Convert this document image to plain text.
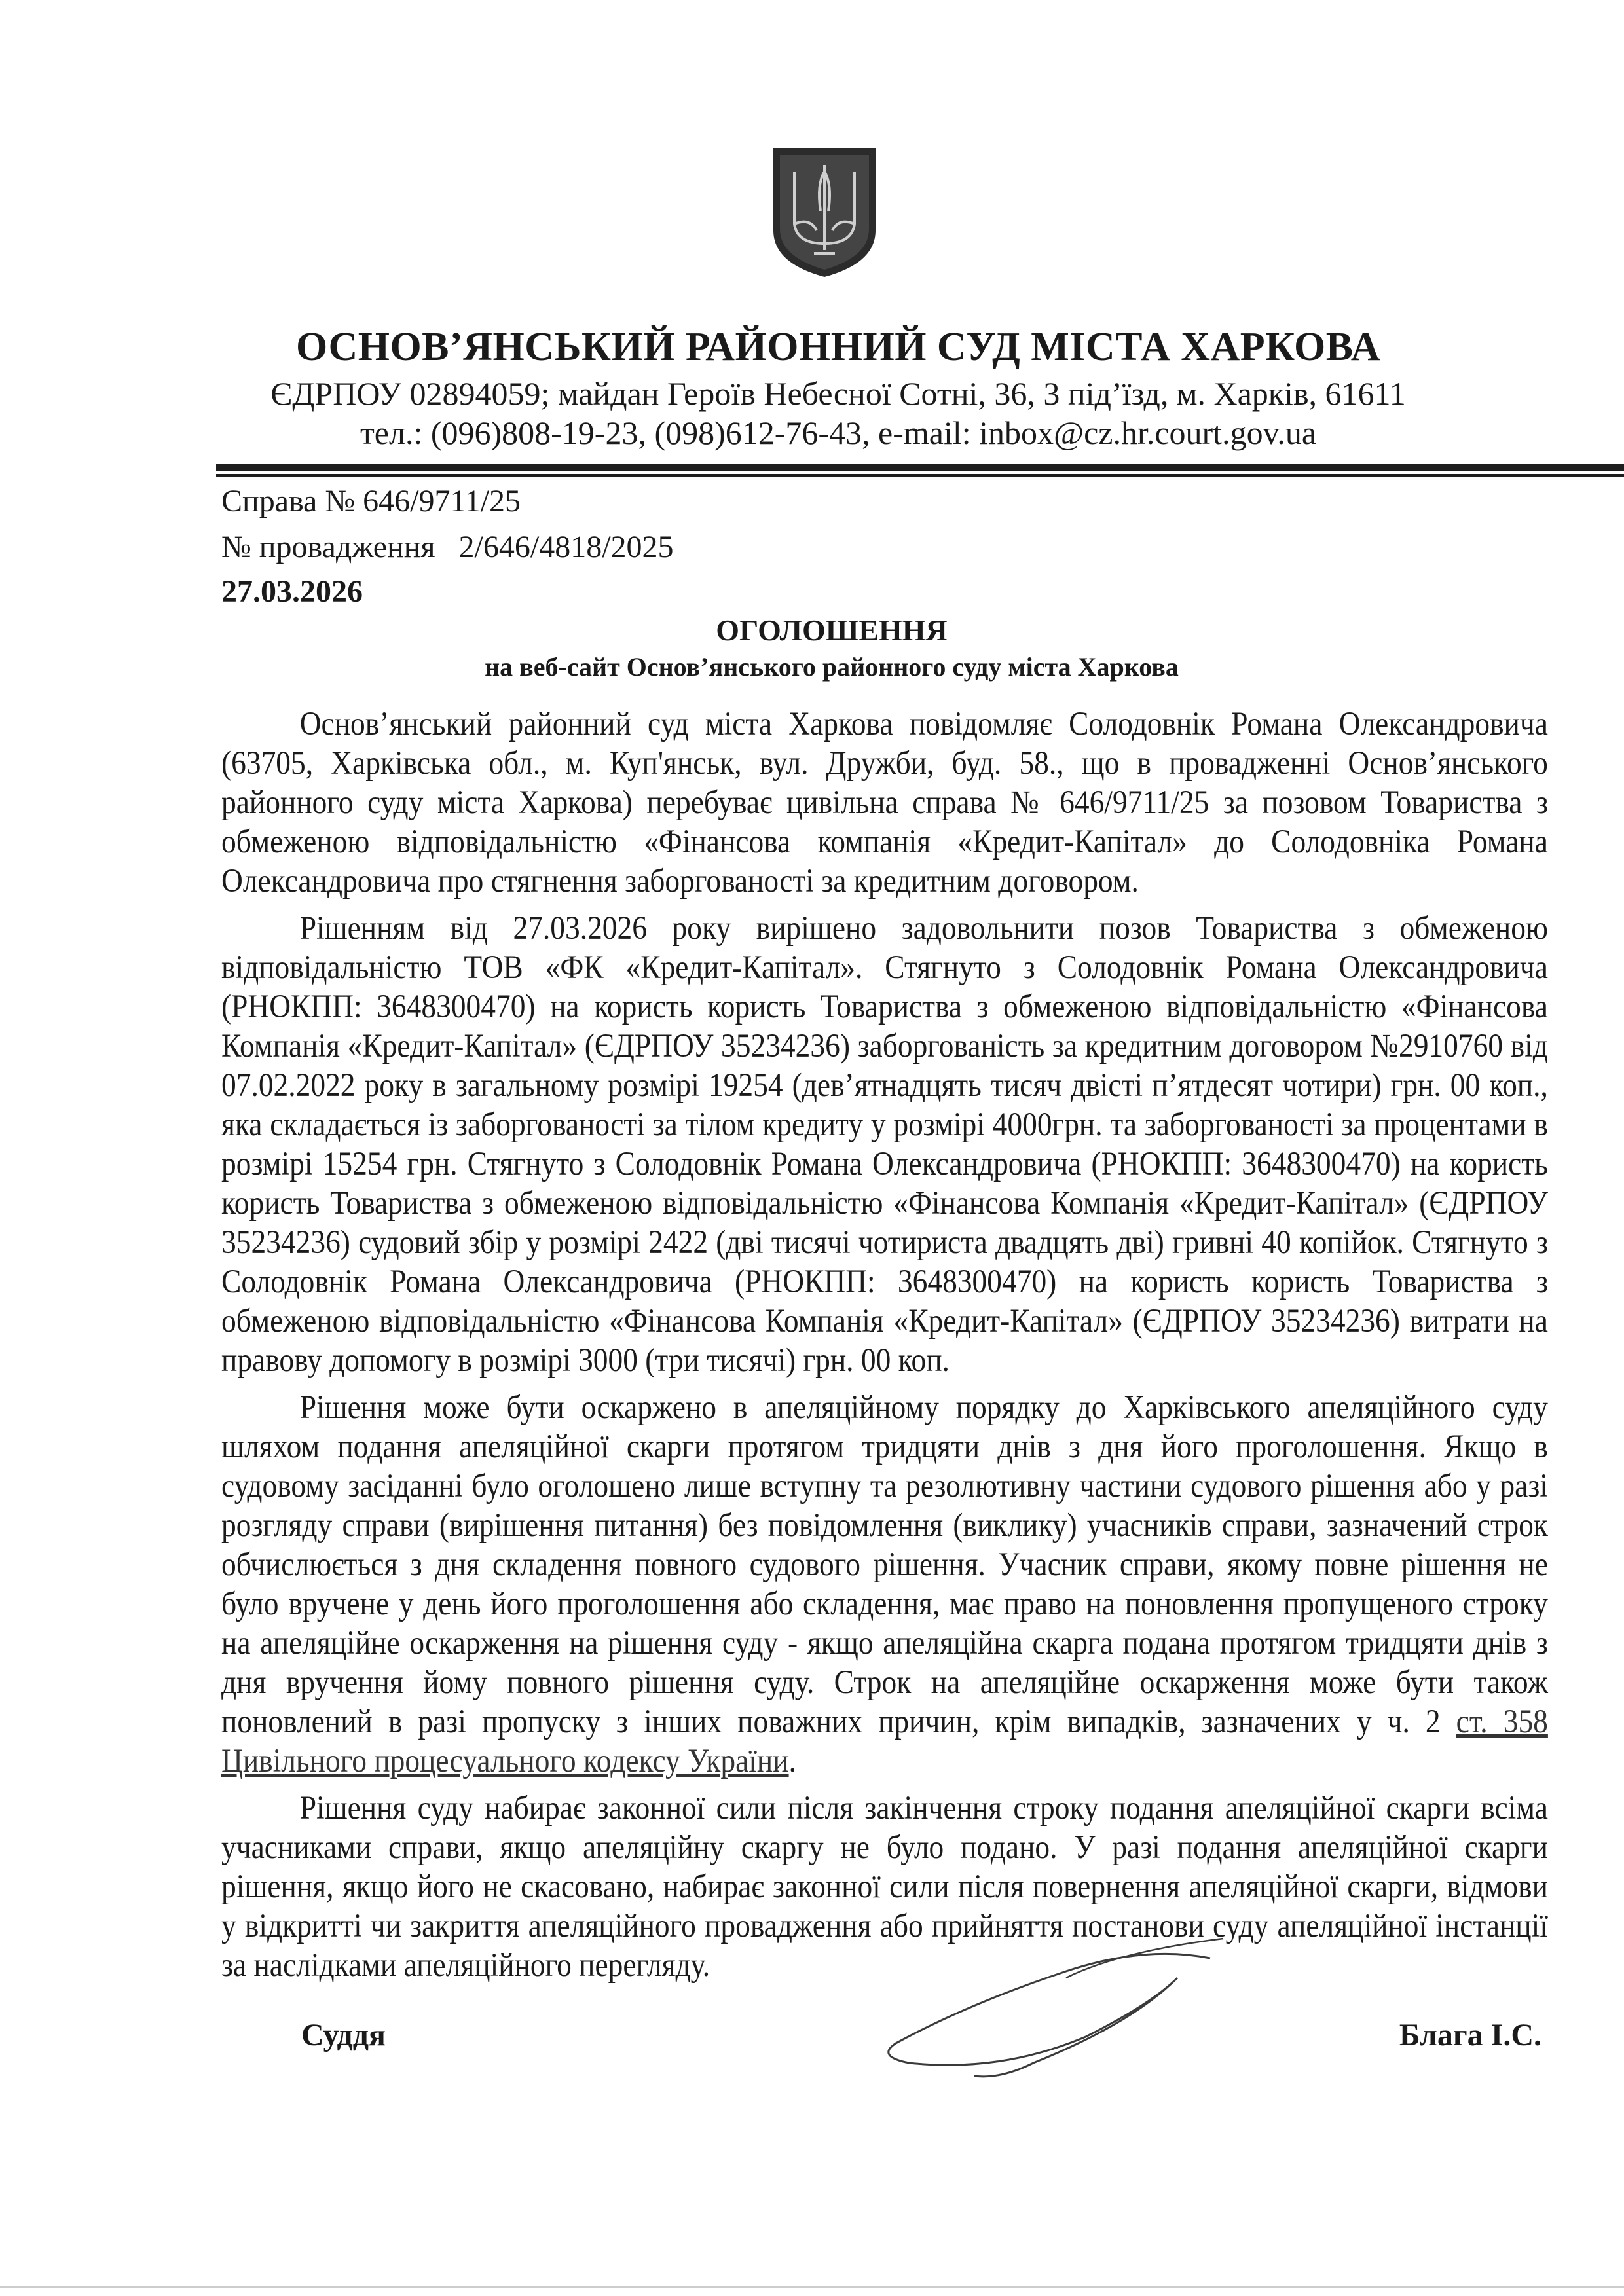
ОСНОВ’ЯНСЬКИЙ РАЙОННИЙ СУД МІСТА ХАРКОВА
ЄДРПОУ 02894059; майдан Героїв Небесної Сотні, 36, 3 під’їзд, м. Харків, 61611
тел.: (096)808-19-23, (098)612-76-43, e-mail: inbox@cz.hr.court.gov.ua
Справа № 646/9711/25
№ провадження   2/646/4818/2025
27.03.2026
ОГОЛОШЕННЯ
на веб-сайт Основ’янського районного суду міста Харкова

Основ’янський районний суд міста Харкова повідомляє Солодовнік Романа Олександровича (63705, Харківська обл., м. Куп'янськ, вул. Дружби, буд. 58., що в провадженні Основ’янського районного суду міста Харкова) перебуває цивільна справа № 646/9711/25 за позовом Товариства з обмеженою відповідальністю «Фінансова компанія «Кредит-Капітал» до Солодовніка Романа Олександровича про стягнення заборгованості за кредитним договором.

Рішенням від 27.03.2026 року вирішено задовольнити позов Товариства з обмеженою відповідальністю ТОВ «ФК «Кредит-Капітал». Стягнуто з Солодовнік Романа Олександровича (РНОКПП: 3648300470) на користь користь Товариства з обмеженою відповідальністю «Фінансова Компанія «Кредит-Капітал» (ЄДРПОУ 35234236) заборгованість за кредитним договором №2910760 від 07.02.2022 року в загальному розмірі 19254 (дев’ятнадцять тисяч двісті п’ятдесят чотири) грн. 00 коп., яка складається із заборгованості за тілом кредиту у розмірі 4000грн. та заборгованості за процентами в розмірі 15254 грн. Стягнуто з Солодовнік Романа Олександровича (РНОКПП: 3648300470) на користь користь Товариства з обмеженою відповідальністю «Фінансова Компанія «Кредит-Капітал» (ЄДРПОУ 35234236) судовий збір у розмірі 2422 (дві тисячі чотириста двадцять дві) гривні 40 копійок. Стягнуто з Солодовнік Романа Олександровича (РНОКПП: 3648300470) на користь користь Товариства з обмеженою відповідальністю «Фінансова Компанія «Кредит-Капітал» (ЄДРПОУ 35234236) витрати на правову допомогу в розмірі 3000 (три тисячі) грн. 00 коп.

Рішення може бути оскаржено в апеляційному порядку до Харківського апеляційного суду шляхом подання апеляційної скарги протягом тридцяти днів з дня його проголошення. Якщо в судовому засіданні було оголошено лише вступну та резолютивну частини судового рішення або у разі розгляду справи (вирішення питання) без повідомлення (виклику) учасників справи, зазначений строк обчислюється з дня складення повного судового рішення. Учасник справи, якому повне рішення не було вручене у день його проголошення або складення, має право на поновлення пропущеного строку на апеляційне оскарження на рішення суду - якщо апеляційна скарга подана протягом тридцяти днів з дня вручення йому повного рішення суду. Строк на апеляційне оскарження може бути також поновлений в разі пропуску з інших поважних причин, крім випадків, зазначених у ч. 2 ст. 358 Цивільного процесуального кодексу України.

Рішення суду набирає законної сили після закінчення строку подання апеляційної скарги всіма учасниками справи, якщо апеляційну скаргу не було подано. У разі подання апеляційної скарги рішення, якщо його не скасовано, набирає законної сили після повернення апеляційної скарги, відмови у відкритті чи закриття апеляційного провадження або прийняття постанови суду апеляційної інстанції за наслідками апеляційного перегляду.

Суддя	Блага І.С.
